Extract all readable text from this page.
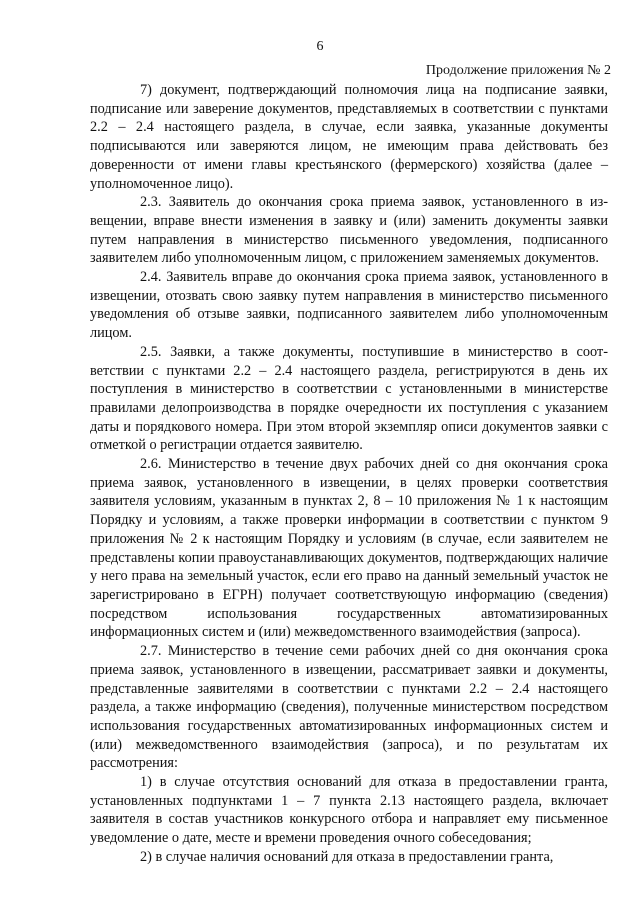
6
Продолжение приложения № 2

7) документ, подтверждающий полномочия лица на подписание заявки, подписание или заверение документов, представляемых в соответствии с пунктами 2.2 – 2.4 настоящего раздела, в случае, если заявка, указанные документы подписываются или заверяются лицом, не имеющим права действовать без доверенности от имени главы крестьянского (фермерского) хозяйства (далее – уполномоченное лицо).

2.3. Заявитель до окончания срока приема заявок, установленного в извещении, вправе внести изменения в заявку и (или) заменить документы заявки путем направления в министерство письменного уведомления, подписанного заявителем либо уполномоченным лицом, с приложением заменяемых документов.

2.4. Заявитель вправе до окончания срока приема заявок, установленного в извещении, отозвать свою заявку путем направления в министерство письменного уведомления об отзыве заявки, подписанного заявителем либо уполномоченным лицом.

2.5. Заявки, а также документы, поступившие в министерство в соответствии с пунктами 2.2 – 2.4 настоящего раздела, регистрируются в день их поступления в министерство в соответствии с установленными в министерстве правилами делопроизводства в порядке очередности их поступления с указанием даты и порядкового номера. При этом второй экземпляр описи документов заявки с отметкой о регистрации отдается заявителю.

2.6. Министерство в течение двух рабочих дней со дня окончания срока приема заявок, установленного в извещении, в целях проверки соответствия заявителя условиям, указанным в пунктах 2, 8 – 10 приложения № 1 к настоящим Порядку и условиям, а также проверки информации в соответствии с пунктом 9 приложения № 2 к настоящим Порядку и условиям (в случае, если заявителем не представлены копии правоустанавливающих документов, подтверждающих наличие у него права на земельный участок, если его право на данный земельный участок не зарегистрировано в ЕГРН) получает соответствующую информацию (сведения) посредством использования государственных автоматизированных информационных систем и (или) межведомственного взаимодействия (запроса).

2.7. Министерство в течение семи рабочих дней со дня окончания срока приема заявок, установленного в извещении, рассматривает заявки и документы, представленные заявителями в соответствии с пунктами 2.2 – 2.4 настоящего раздела, а также информацию (сведения), полученные министерством посредством использования государственных автоматизированных информационных систем и (или) межведомственного взаимодействия (запроса), и по результатам их рассмотрения:

1) в случае отсутствия оснований для отказа в предоставлении гранта, установленных подпунктами 1 – 7 пункта 2.13 настоящего раздела, включает заявителя в состав участников конкурсного отбора и направляет ему письменное уведомление о дате, месте и времени проведения очного собеседования;

2) в случае наличия оснований для отказа в предоставлении гранта,
